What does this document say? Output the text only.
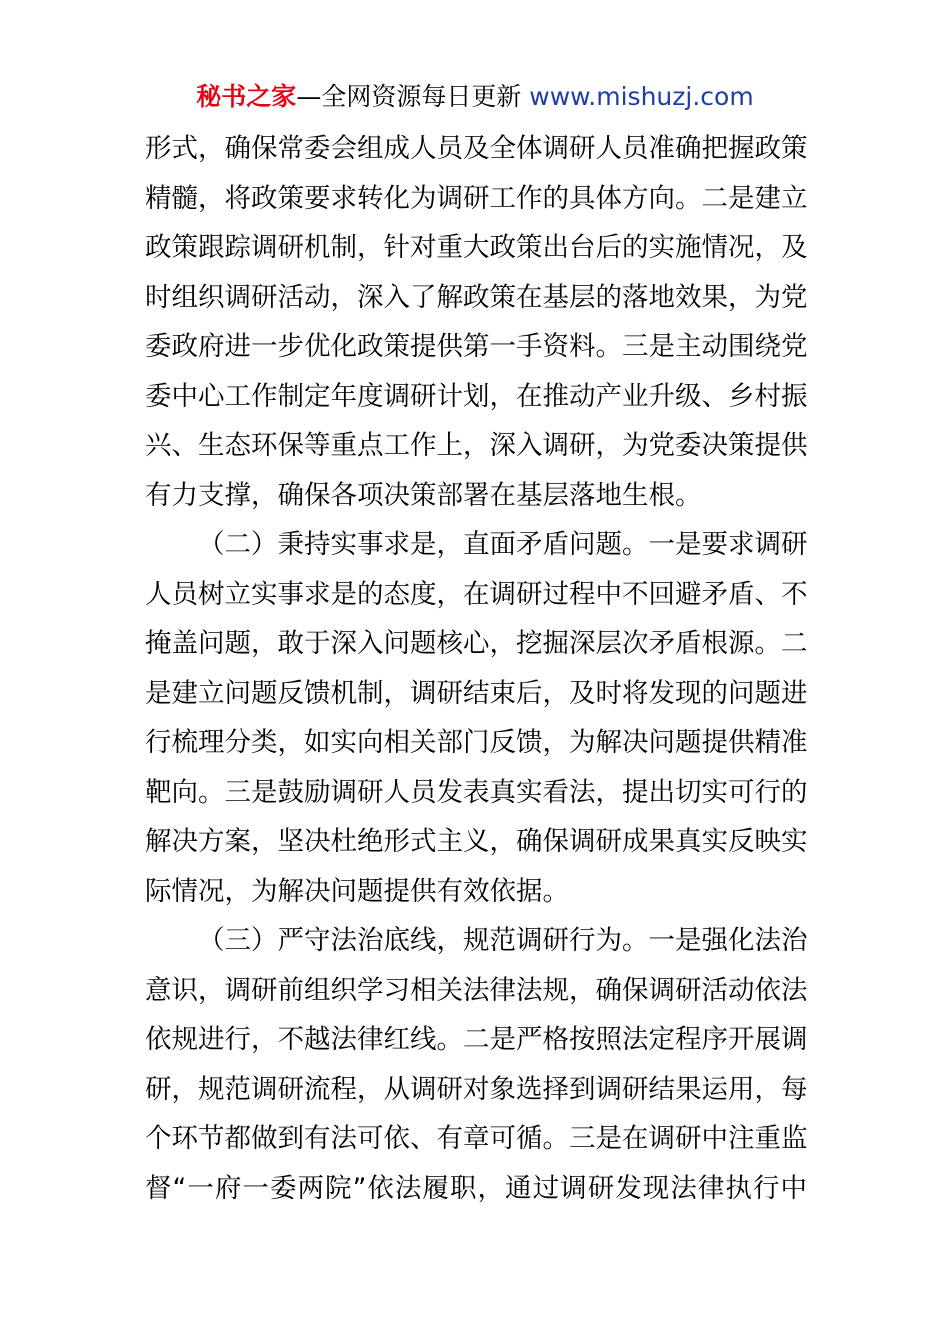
秘书之家—全网资源每日更新 www.mishuzj.com
形式，确保常委会组成人员及全体调研人员准确把握政策
精髓，将政策要求转化为调研工作的具体方向。二是建立
政策跟踪调研机制，针对重大政策出台后的实施情况，及
时组织调研活动，深入了解政策在基层的落地效果，为党
委政府进一步优化政策提供第一手资料。三是主动围绕党
委中心工作制定年度调研计划，在推动产业升级、乡村振
兴、生态环保等重点工作上，深入调研，为党委决策提供
有力支撑，确保各项决策部署在基层落地生根。
（二）秉持实事求是，直面矛盾问题。一是要求调研
人员树立实事求是的态度，在调研过程中不回避矛盾、不
掩盖问题，敢于深入问题核心，挖掘深层次矛盾根源。二
是建立问题反馈机制，调研结束后，及时将发现的问题进
行梳理分类，如实向相关部门反馈，为解决问题提供精准
靶向。三是鼓励调研人员发表真实看法，提出切实可行的
解决方案，坚决杜绝形式主义，确保调研成果真实反映实
际情况，为解决问题提供有效依据。
（三）严守法治底线，规范调研行为。一是强化法治
意识，调研前组织学习相关法律法规，确保调研活动依法
依规进行，不越法律红线。二是严格按照法定程序开展调
研，规范调研流程，从调研对象选择到调研结果运用，每
个环节都做到有法可依、有章可循。三是在调研中注重监
督“一府一委两院”依法履职，通过调研发现法律执行中
